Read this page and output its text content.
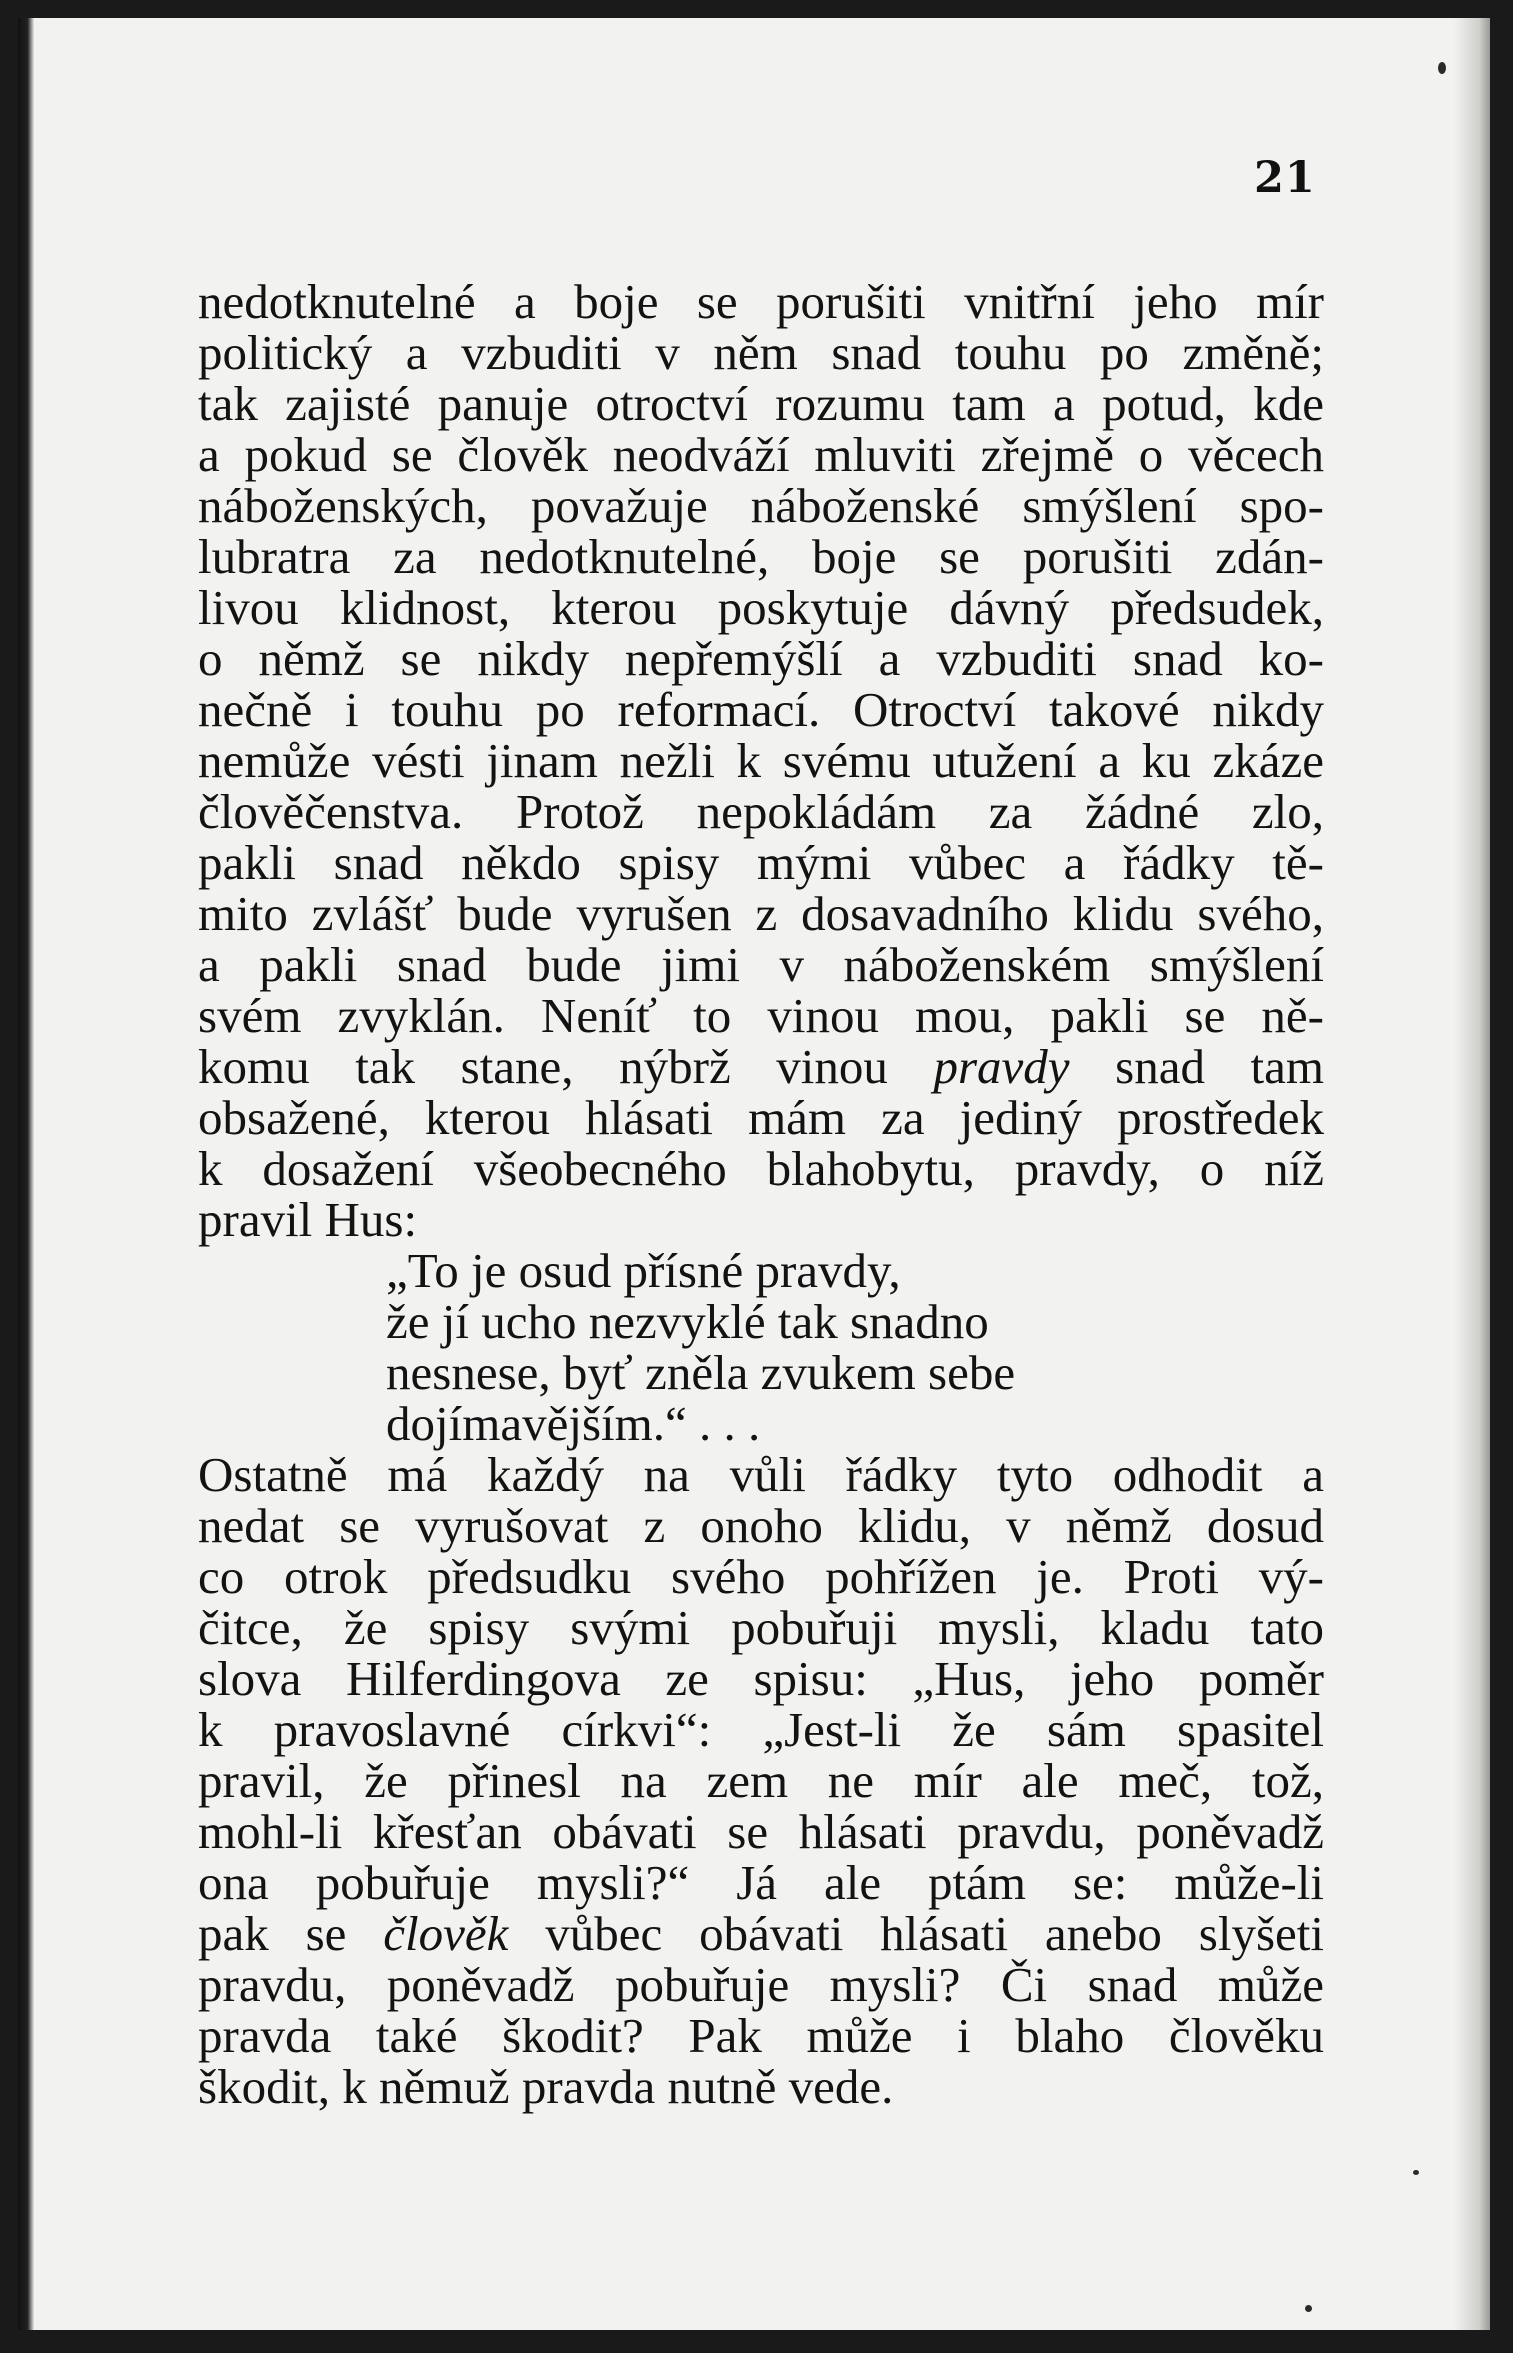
21
nedotknutelné a boje se porušiti vnitřní jeho mír
politický a vzbuditi v něm snad touhu po změně;
tak zajisté panuje otroctví rozumu tam a potud, kde
a pokud se člověk neodváží mluviti zřejmě o věcech
náboženských, považuje náboženské smýšlení spo-
lubratra za nedotknutelné, boje se porušiti zdán-
livou klidnost, kterou poskytuje dávný předsudek,
o němž se nikdy nepřemýšlí a vzbuditi snad ko-
nečně i touhu po reformací. Otroctví takové nikdy
nemůže vésti jinam nežli k svému utužení a ku zkáze
člověčenstva. Protož nepokládám za žádné zlo,
pakli snad někdo spisy mými vůbec a řádky tě-
mito zvlášť bude vyrušen z dosavadního klidu svého,
a pakli snad bude jimi v náboženském smýšlení
svém zvyklán. Neníť to vinou mou, pakli se ně-
komu tak stane, nýbrž vinou pravdy snad tam
obsažené, kterou hlásati mám za jediný prostředek
k dosažení všeobecného blahobytu, pravdy, o níž
pravil Hus:
„To je osud přísné pravdy,
že jí ucho nezvyklé tak snadno
nesnese, byť zněla zvukem sebe
dojímavějším.“ . . .
Ostatně má každý na vůli řádky tyto odhodit a
nedat se vyrušovat z onoho klidu, v němž dosud
co otrok předsudku svého pohřížen je. Proti vý-
čitce, že spisy svými pobuřuji mysli, kladu tato
slova Hilferdingova ze spisu: „Hus, jeho poměr
k pravoslavné církvi“: „Jest-li že sám spasitel
pravil, že přinesl na zem ne mír ale meč, tož,
mohl-li křesťan obávati se hlásati pravdu, poněvadž
ona pobuřuje mysli?“ Já ale ptám se: může-li
pak se člověk vůbec obávati hlásati anebo slyšeti
pravdu, poněvadž pobuřuje mysli? Či snad může
pravda také škodit? Pak může i blaho člověku
škodit, k němuž pravda nutně vede.
